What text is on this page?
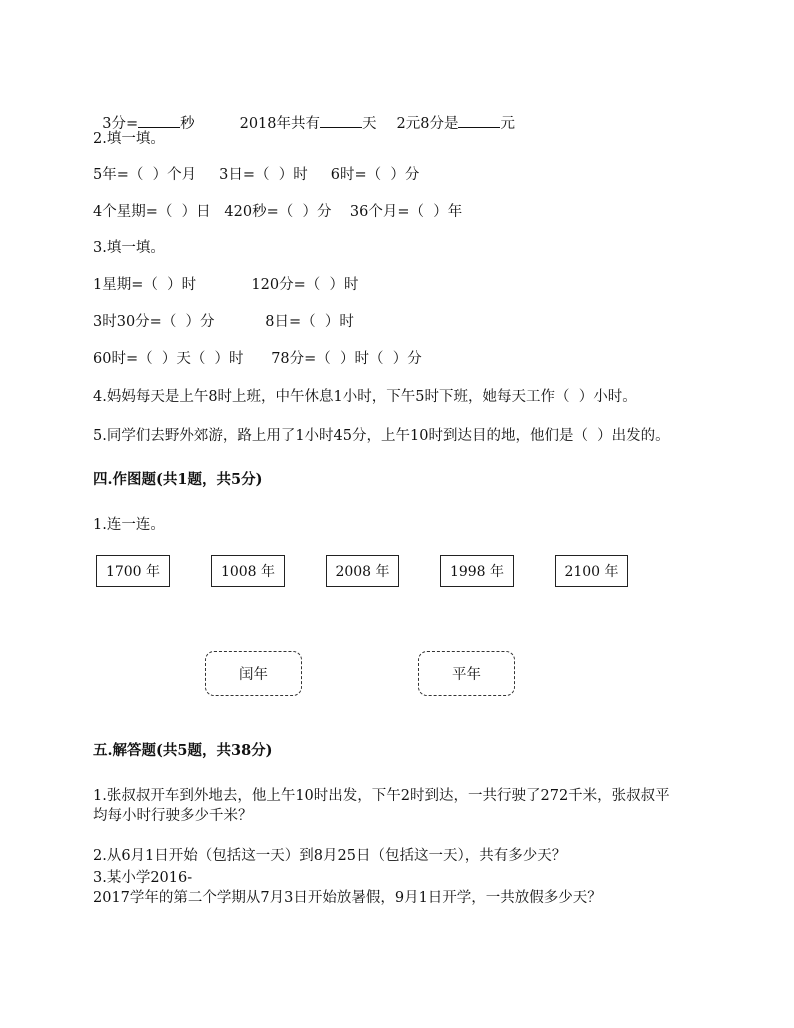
3分=	秒	2018年共有	天 2元8分是	元

2.填一填。
5年=（  ）个月     3日=（  ）时     6时=（  ）分
4个星期=（  ）日   420秒=（  ）分    36个月=（  ）年
3.填一填。
1星期=（  ）时            120分=（  ）时
3时30分=（  ）分           8日=（  ）时
60时=（  ）天（  ）时      78分=（  ）时（  ）分
4.妈妈每天是上午8时上班，中午休息1小时，下午5时下班，她每天工作（  ）小时。
5.同学们去野外郊游，路上用了1小时45分，上午10时到达目的地，他们是（  ）出发的。
四.作图题(共1题，共5分)
1.连一连。
1700 年	1008 年	2008 年	1998 年	2100 年
闰年	平年
五.解答题(共5题，共38分)
1.张叔叔开车到外地去，他上午10时出发，下午2时到达，一共行驶了272千米，张叔叔平
均每小时行驶多少千米？
2.从6月1日开始（包括这一天）到8月25日（包括这一天），共有多少天？
3.某小学2016-
2017学年的第二个学期从7月3日开始放暑假，9月1日开学，一共放假多少天？
